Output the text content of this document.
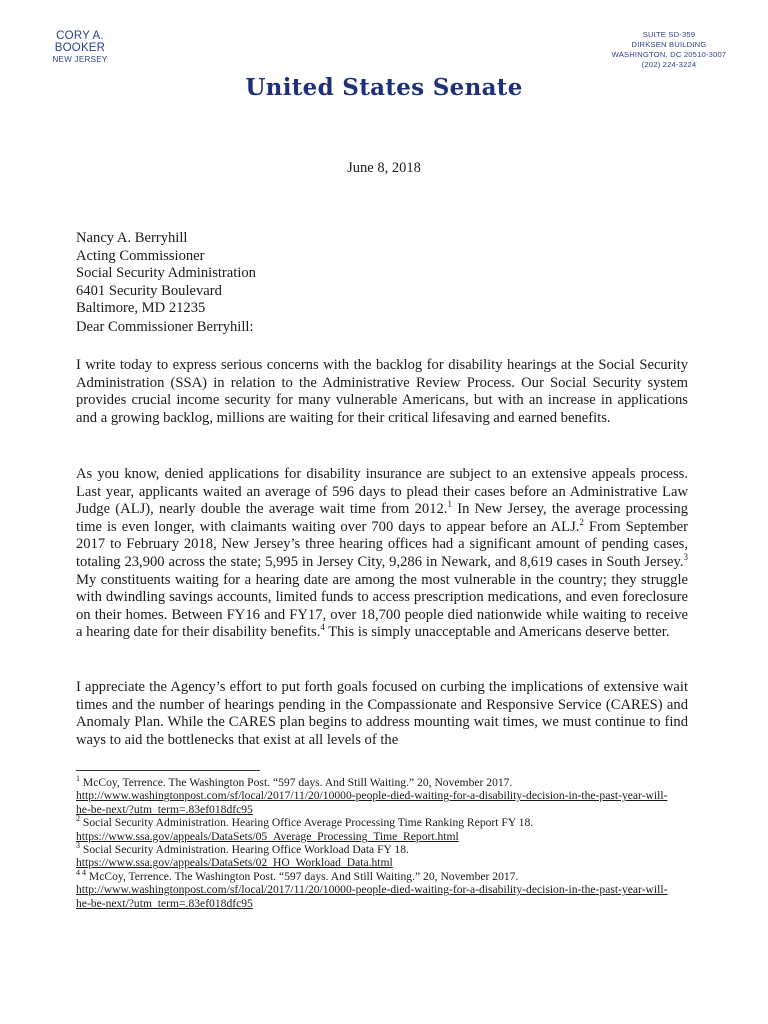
CORY A. BOOKER
NEW JERSEY
SUITE SD-359
DIRKSEN BUILDING
WASHINGTON, DC 20510-3007
(202) 224-3224
United States Senate
June 8, 2018
Nancy A. Berryhill
Acting Commissioner
Social Security Administration
6401 Security Boulevard
Baltimore, MD 21235
Dear Commissioner Berryhill:
I write today to express serious concerns with the backlog for disability hearings at the Social Security Administration (SSA) in relation to the Administrative Review Process. Our Social Security system provides crucial income security for many vulnerable Americans, but with an increase in applications and a growing backlog, millions are waiting for their critical lifesaving and earned benefits.
As you know, denied applications for disability insurance are subject to an extensive appeals process. Last year, applicants waited an average of 596 days to plead their cases before an Administrative Law Judge (ALJ), nearly double the average wait time from 2012.$^1$ In New Jersey, the average processing time is even longer, with claimants waiting over 700 days to appear before an ALJ.$^2$ From September 2017 to February 2018, New Jersey’s three hearing offices had a significant amount of pending cases, totaling 23,900 across the state; 5,995 in Jersey City, 9,286 in Newark, and 8,619 cases in South Jersey.$^3$ My constituents waiting for a hearing date are among the most vulnerable in the country; they struggle with dwindling savings accounts, limited funds to access prescription medications, and even foreclosure on their homes. Between FY16 and FY17, over 18,700 people died nationwide while waiting to receive a hearing date for their disability benefits.$^4$ This is simply unacceptable and Americans deserve better.
I appreciate the Agency’s effort to put forth goals focused on curbing the implications of extensive wait times and the number of hearings pending in the Compassionate and Responsive Service (CARES) and Anomaly Plan. While the CARES plan begins to address mounting wait times, we must continue to find ways to aid the bottlenecks that exist at all levels of the
$^1$ McCoy, Terrence. The Washington Post. “597 days. And Still Waiting.” 20, November 2017.
http://www.washingtonpost.com/sf/local/2017/11/20/10000-people-died-waiting-for-a-disability-decision-in-the-past-year-will-he-be-next/?utm_term=.83ef018dfc95
$^2$ Social Security Administration. Hearing Office Average Processing Time Ranking Report FY 18.
https://www.ssa.gov/appeals/DataSets/05_Average_Processing_Time_Report.html
$^3$ Social Security Administration. Hearing Office Workload Data FY 18.
https://www.ssa.gov/appeals/DataSets/02_HO_Workload_Data.html
$^{4 4}$ McCoy, Terrence. The Washington Post. “597 days. And Still Waiting.” 20, November 2017.
http://www.washingtonpost.com/sf/local/2017/11/20/10000-people-died-waiting-for-a-disability-decision-in-the-past-year-will-he-be-next/?utm_term=.83ef018dfc95
